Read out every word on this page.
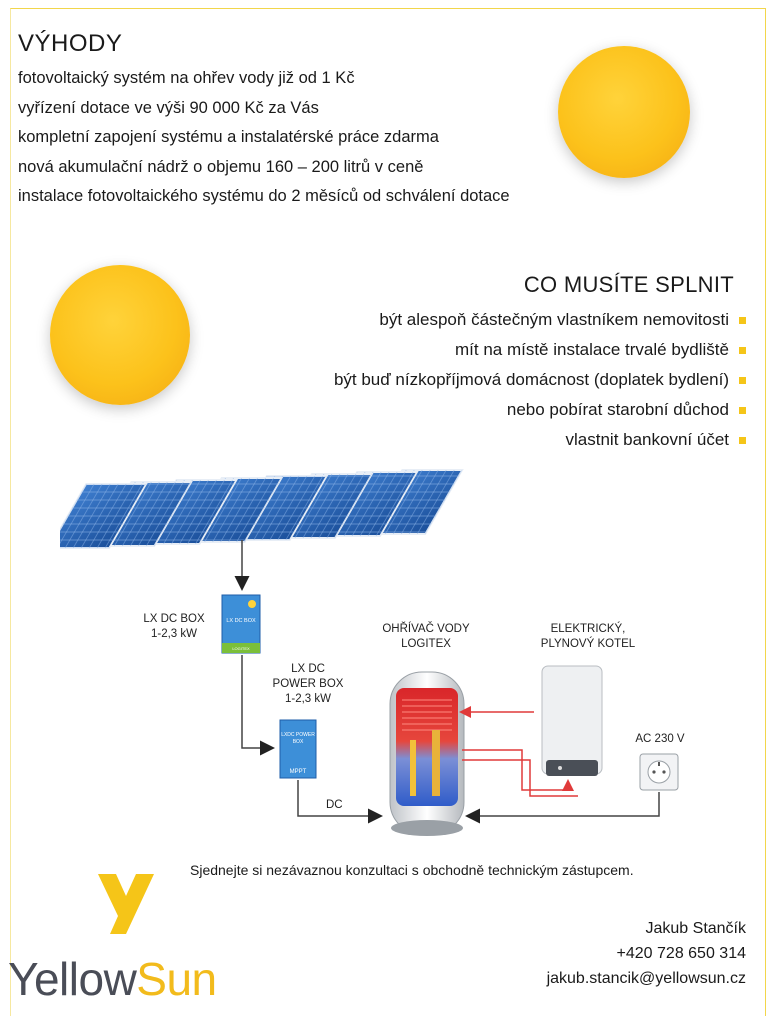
VÝHODY
fotovoltaický systém na ohřev vody již od 1 Kč
vyřízení dotace ve výši 90 000 Kč za Vás
kompletní zapojení systému a instalatérské práce zdarma
nová akumulační nádrž o objemu 160 – 200 litrů v ceně
instalace fotovoltaického systému do 2 měsíců od schválení dotace
CO MUSÍTE SPLNIT
být alespoň částečným vlastníkem nemovitosti
mít na místě instalace trvalé bydliště
být buď nízkopříjmová domácnost (doplatek bydlení)
nebo pobírat starobní důchod
vlastnit bankovní účet
LX DC BOX
LOGITEX
LX DC BOX
1-2,3 kW
LX DC
POWER BOX
1-2,3 kW
LXDC POWER
BOX
MPPT
DC
OHŘÍVAČ VODY
LOGITEX
ELEKTRICKÝ,
PLYNOVÝ KOTEL
AC 230 V
Sjednejte si nezávaznou konzultaci s obchodně technickým zástupcem.
Jakub Stančík
+420 728 650 314
jakub.stancik@yellowsun.cz
YellowSun
